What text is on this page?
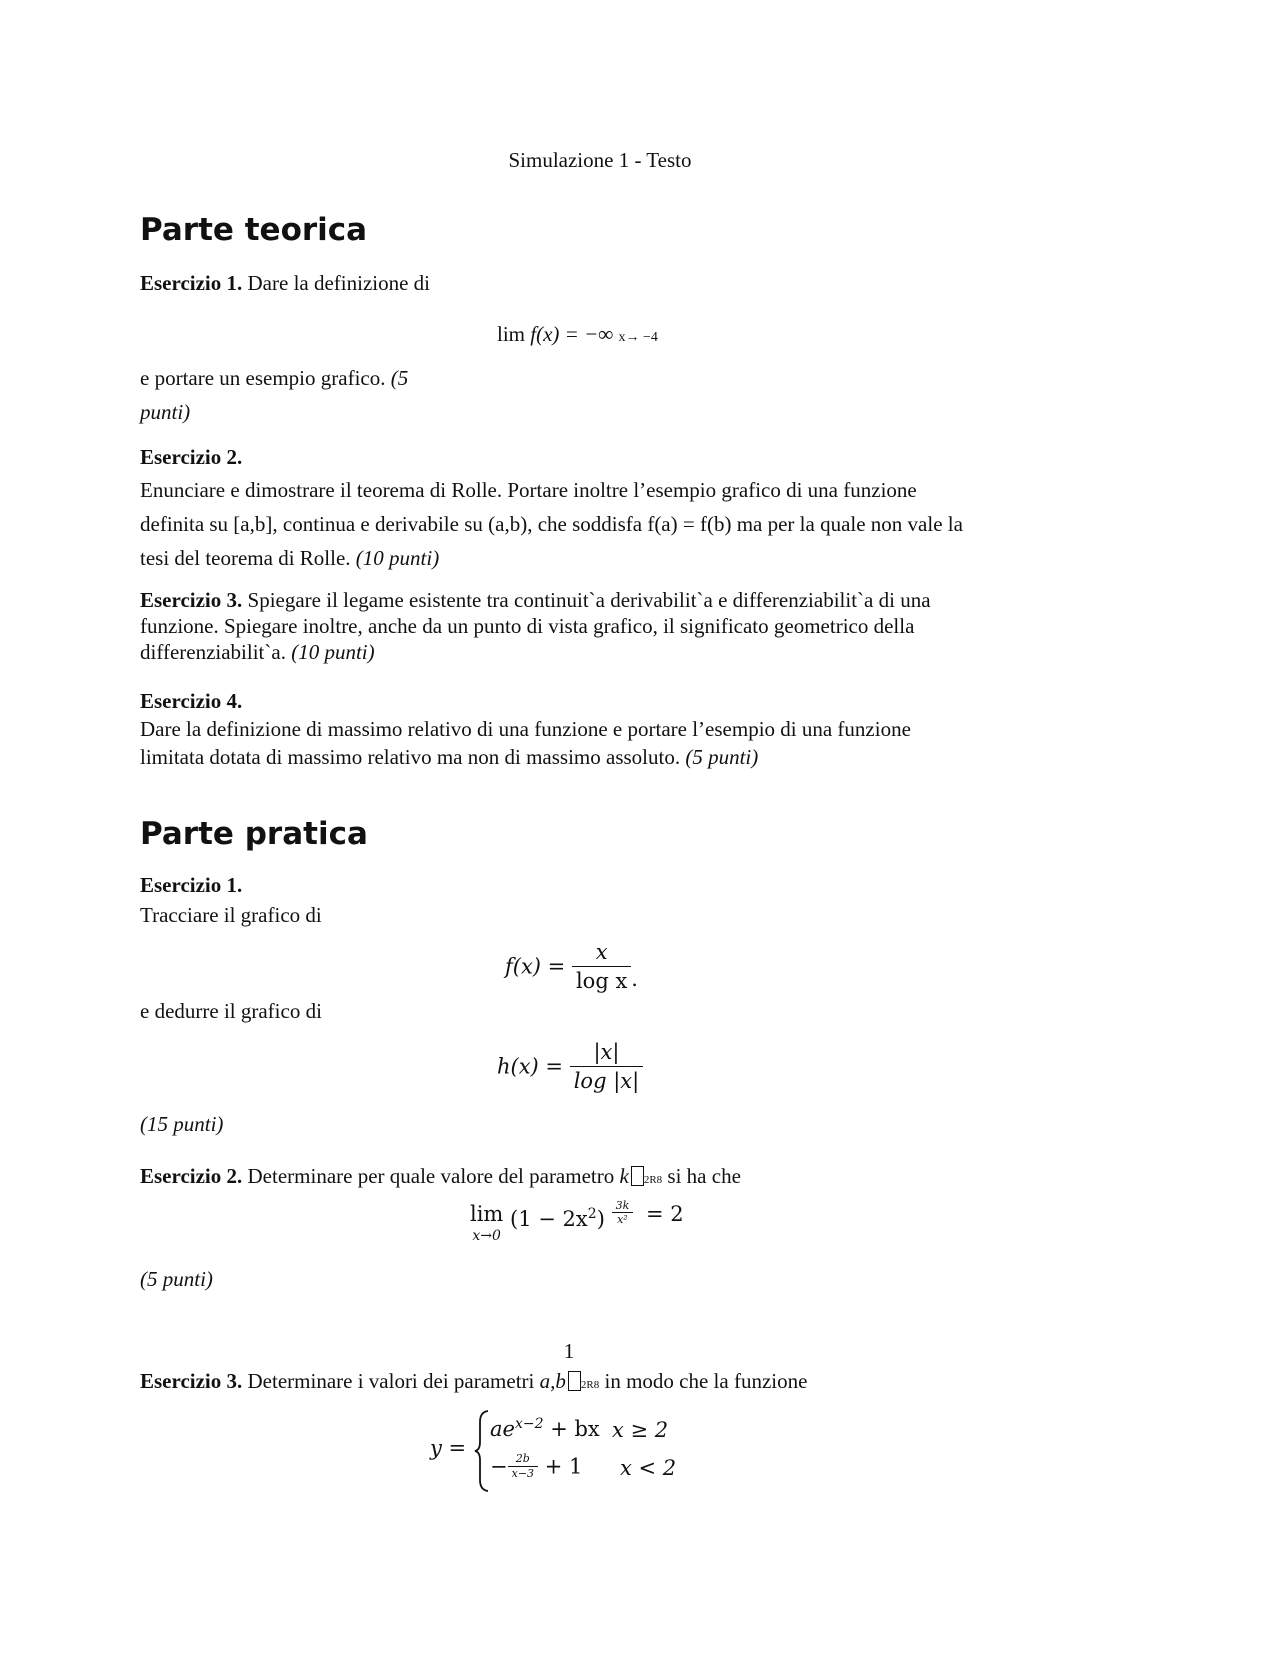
Simulazione 1 - Testo
Parte teorica
Esercizio 1. Dare la definizione di
lim f(x) = −∞ x→ −4
e portare un esempio grafico. (5
punti)
Esercizio 2.
Enunciare e dimostrare il teorema di Rolle. Portare inoltre l’esempio grafico di una funzione
definita su [a,b], continua e derivabile su (a,b), che soddisfa f(a) = f(b) ma per la quale non vale la
tesi del teorema di Rolle. (10 punti)
Esercizio 3. Spiegare il legame esistente tra continuit`a derivabilit`a e differenziabilit`a di una
funzione. Spiegare inoltre, anche da un punto di vista grafico, il significato geometrico della
differenziabilit`a. (10 punti)
Esercizio 4.
Dare la definizione di massimo relativo di una funzione e portare l’esempio di una funzione
limitata dotata di massimo relativo ma non di massimo assoluto. (5 punti)
Parte pratica
Esercizio 1.
Tracciare il grafico di
$f(x) = \frac{x}{\text{log x}}$ .
e dedurre il grafico di
$h(x) = \frac{|x|}{\log |x|}$
(15 punti)
Esercizio 2. Determinare per quale valore del parametro k 2R8 si ha che
lim
x→0
$(1 - 2x^2) \frac{3k}{\text{x²}} = 2$
(5 punti)
1
Esercizio 3. Determinare i valori dei parametri a,b 2R8 in modo che la funzione
y =
$ae^{x-2}$ + bx x ≥ 2
− $\frac{2b}{x-3} + 1$ x < 2
